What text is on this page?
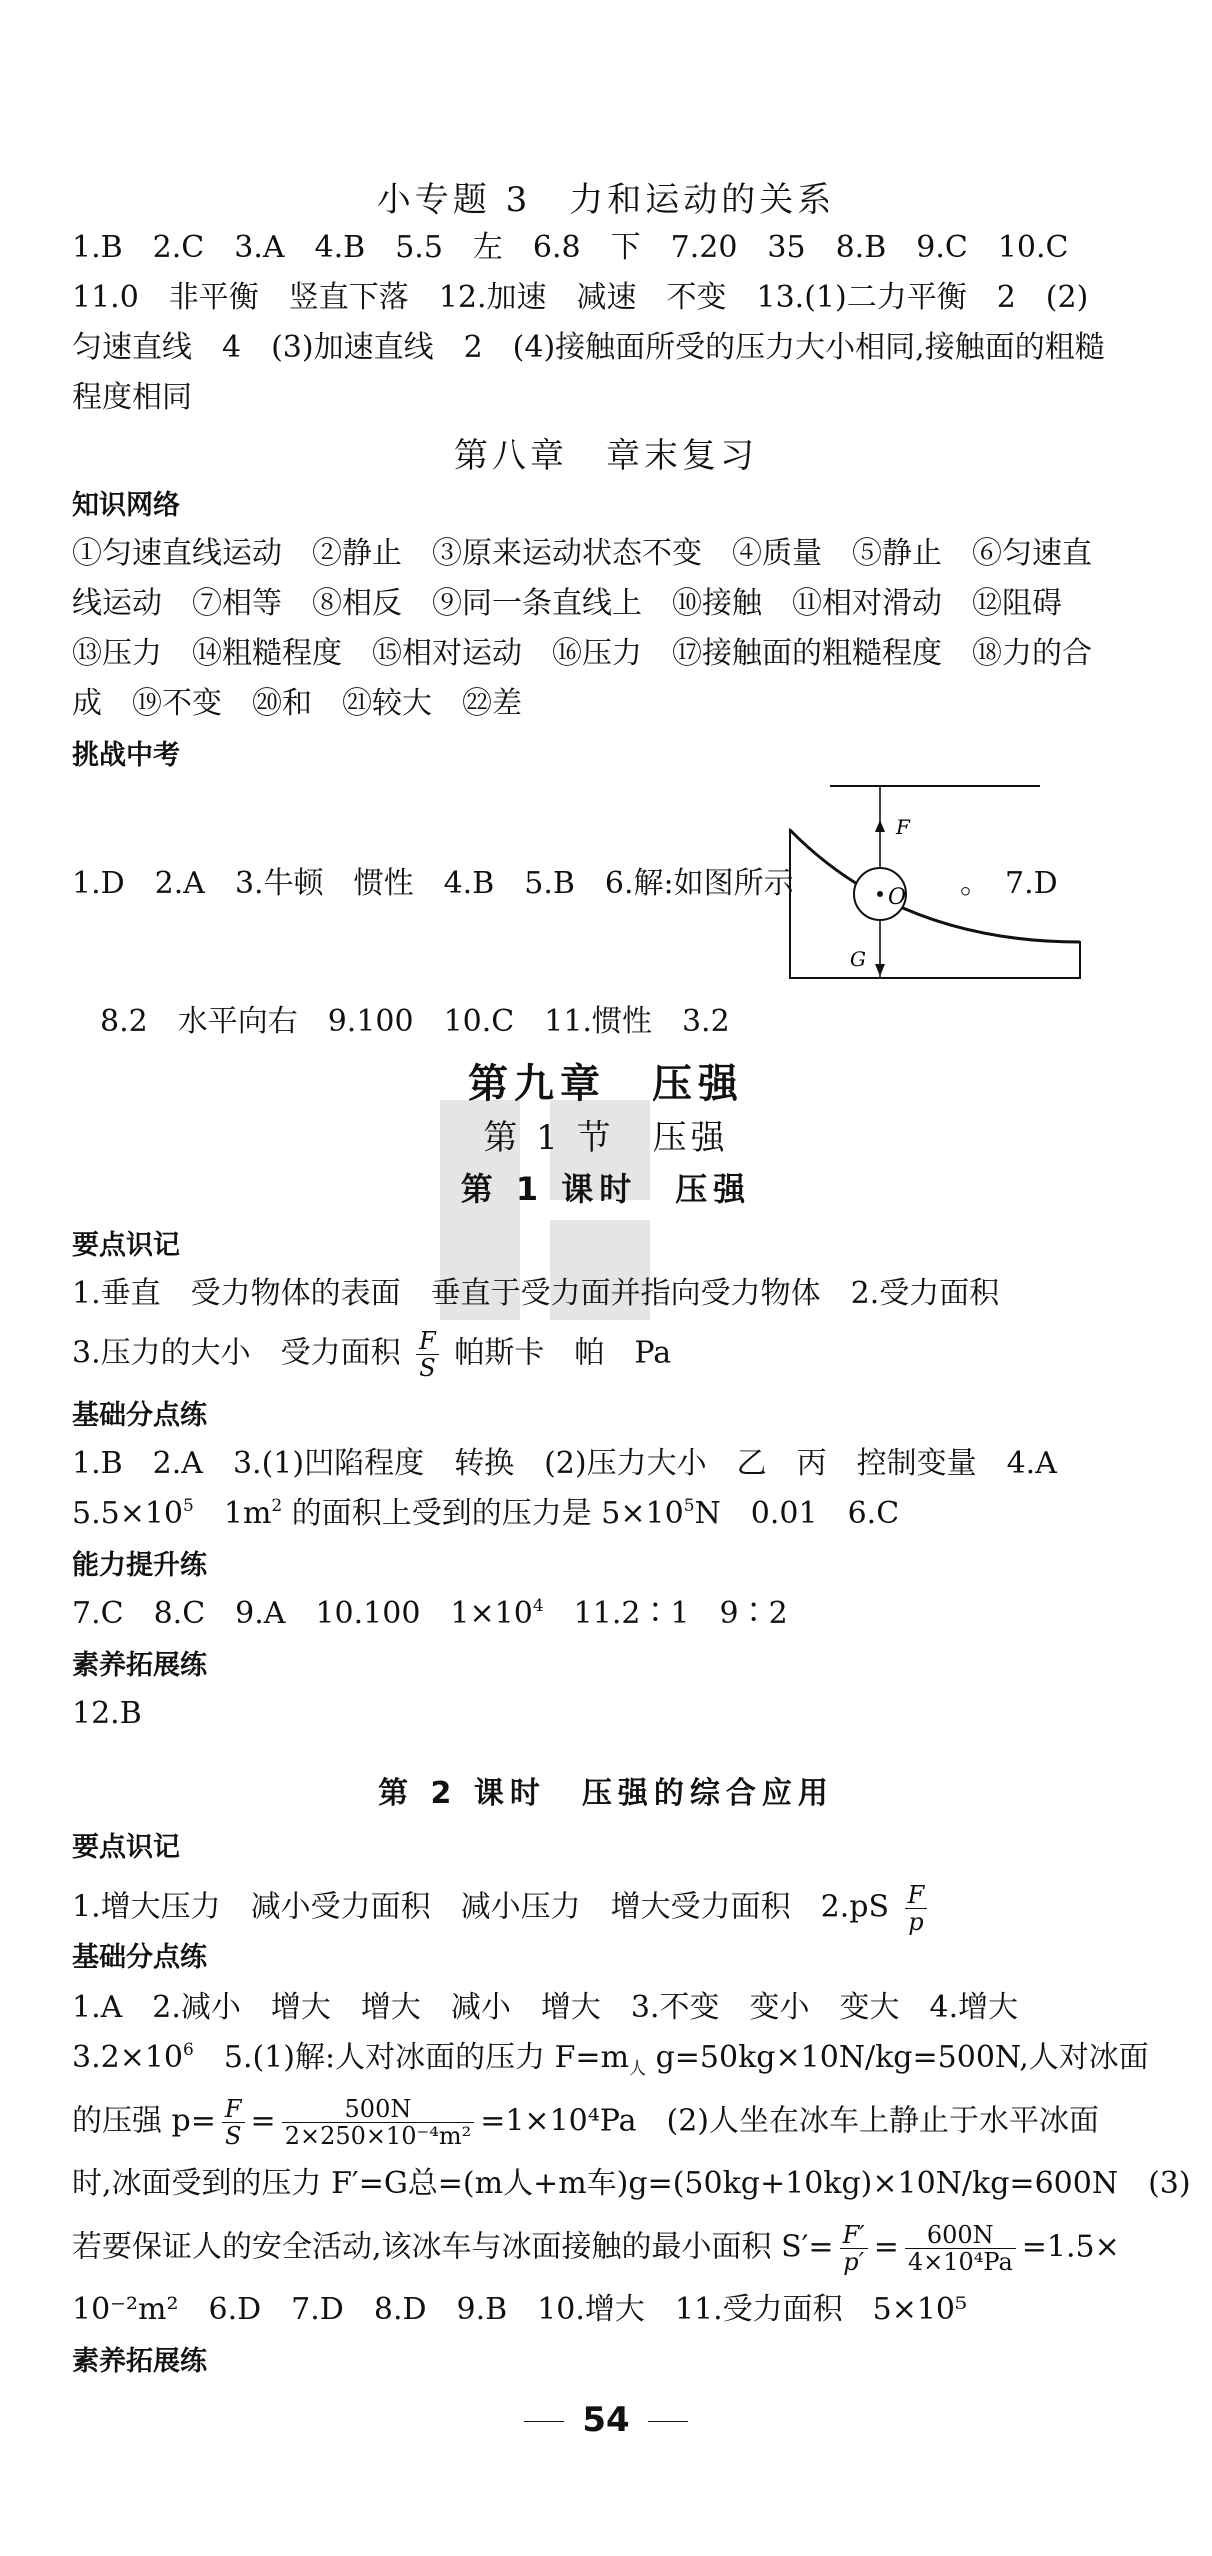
小专题 3　力和运动的关系
1.B　2.C　3.A　4.B　5.5　左　6.8　下　7.20　35　8.B　9.C　10.C
11.0　非平衡　竖直下落　12.加速　减速　不变　13.(1)二力平衡　2　(2)
匀速直线　4　(3)加速直线　2　(4)接触面所受的压力大小相同,接触面的粗糙
程度相同
第八章　章末复习
知识网络
①匀速直线运动　②静止　③原来运动状态不变　④质量　⑤静止　⑥匀速直
线运动　⑦相等　⑧相反　⑨同一条直线上　⑩接触　⑪相对滑动　⑫阻碍
⑬压力　⑭粗糙程度　⑮相对运动　⑯压力　⑰接触面的粗糙程度　⑱力的合
成　⑲不变　⑳和　㉑较大　㉒差
挑战中考
1.D　2.A　3.牛顿　惯性　4.B　5.B　6.解:如图所示	。　7.D
F
O
G
8.2　水平向右　9.100　10.C　11.惯性　3.2
第九章　压强
第 1 节　压强
第 1 课时　压强
要点识记
1.垂直　受力物体的表面　垂直于受力面并指向受力物体　2.受力面积
3.压力的大小　受力面积 $\frac{F}{S}$ 帕斯卡　帕　Pa
基础分点练
1.B　2.A　3.(1)凹陷程度　转换　(2)压力大小　乙　丙　控制变量　4.A
$5.5\times 10^5$　$1m^2$ 的面积上受到的压力是 $5\times 10^5N$　0.01　6.C
能力提升练
7.C　8.C　9.A　10.100　$1\times 10^4$　11.2∶1　9∶2
素养拓展练
12.B
第 2 课时　压强的综合应用
要点识记
1.增大压力　减小受力面积　减小压力　增大受力面积　$2.pS \frac{F}{p}$
基础分点练
1.A　2.减小　增大　增大　减小　增大　3.不变　变小　变大　4.增大
$3.2\times 10^6$　5.(1)解:人对冰面的压力 $F=m_人$ g=50kg×10N/kg=500N,人对冰面
的压强 $p= \frac{F}{S} = \frac{500N}{\text{2×250×10⁻⁴m²}} =1\times 10^4Pa$　(2)人坐在冰车上静止于水平冰面
时,冰面受到的压力 F′=G总=(m人+m车)g=(50kg+10kg)×10N/kg=600N　(3)
若要保证人的安全活动,该冰车与冰面接触的最小面积 $S'= \frac{F'}{p'} = \frac{600N}{\text{4×10⁴Pa}} =1.5\times$
10⁻²m²　6.D　7.D　8.D　9.B　10.增大　11.受力面积　5×10⁵
素养拓展练
54
